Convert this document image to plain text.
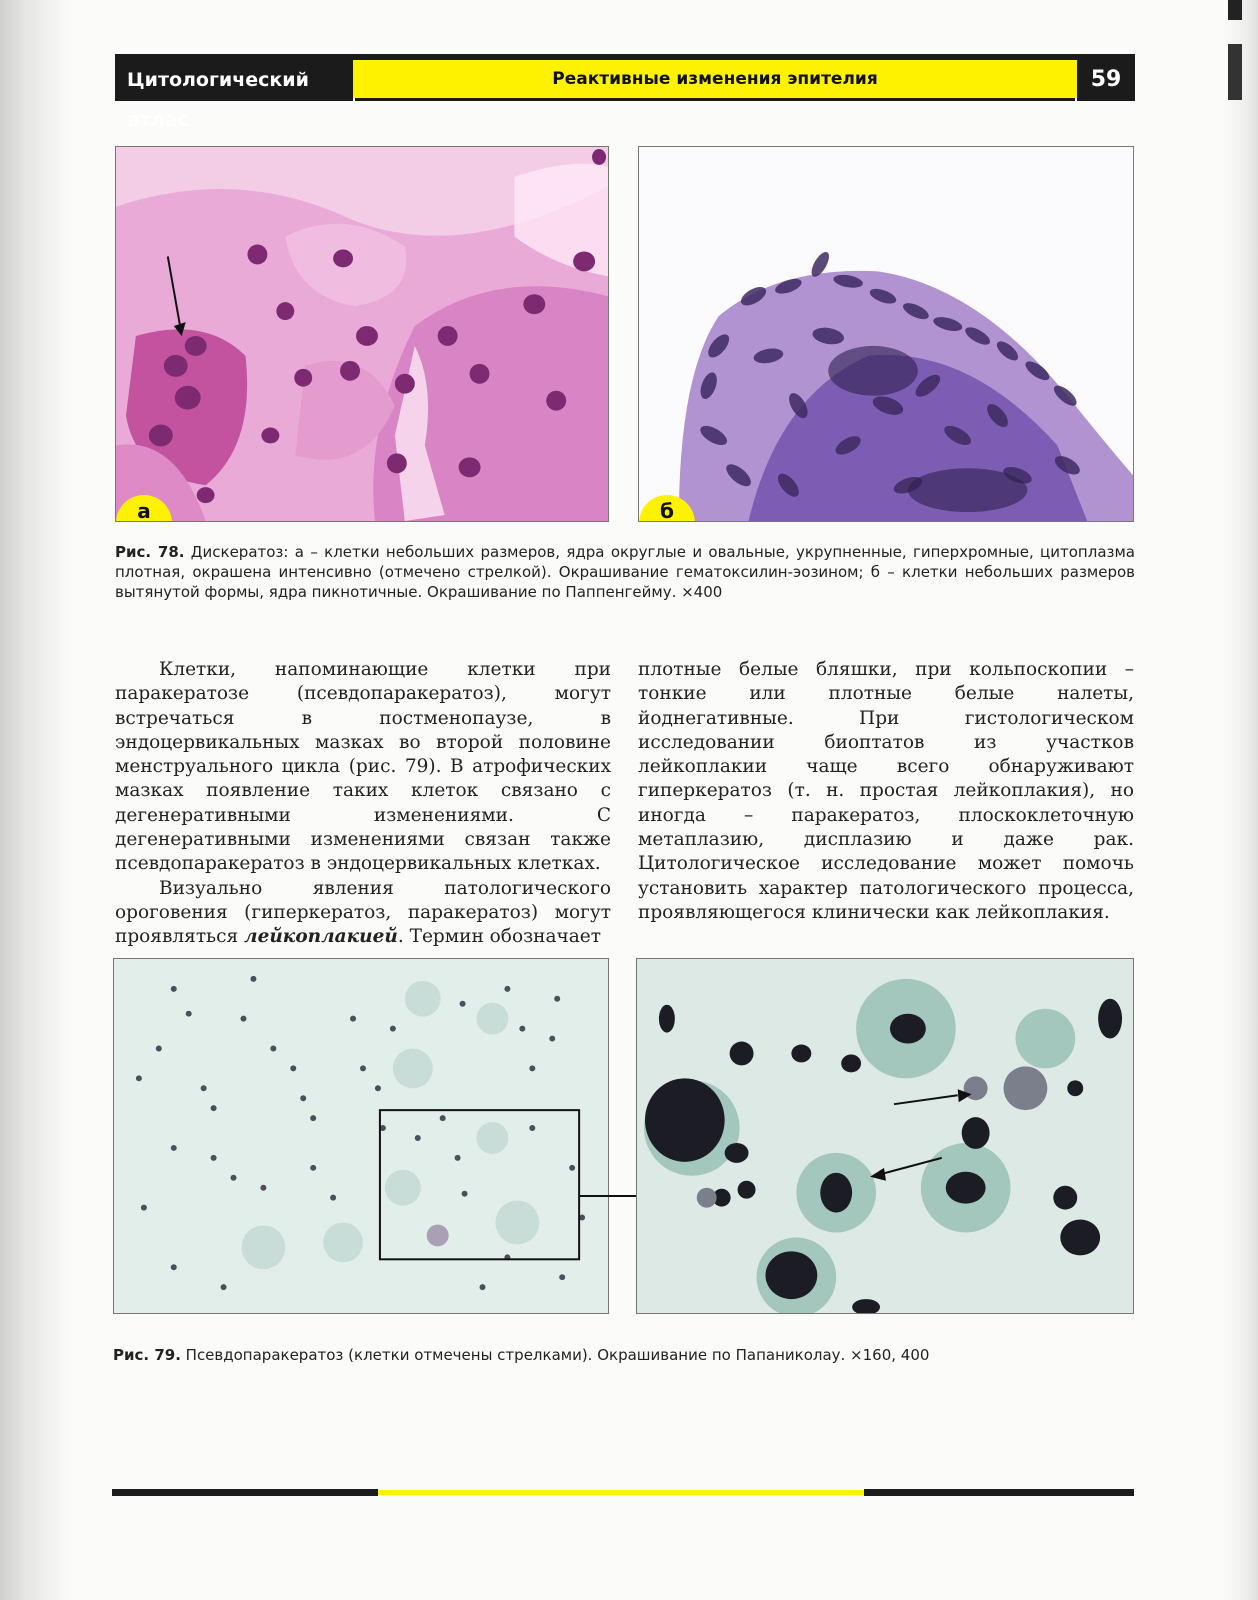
Цитологический атлас
Реактивные изменения эпителия	59
а	б
Рис. 78. Дискератоз: а – клетки небольших размеров, ядра округлые и овальные, укрупненные, гиперхромные, цитоплазма плотная, окрашена интенсивно (отмечено стрелкой). Окрашивание гематоксилин-эозином; б – клетки небольших размеров вытянутой формы, ядра пикнотичные. Окрашивание по Паппенгейму. ×400

Клетки, напоминающие клетки при паракератозе (псевдопаракератоз), могут встречаться в постменопаузе, в эндоцервикальных мазках во второй половине менструального цикла (рис. 79). В атрофических мазках появление таких клеток связано с дегенеративными изменениями. С дегенеративными изменениями связан также псевдопаракератоз в эндоцервикальных клетках.

Визуально явления патологического ороговения (гиперкератоз, паракератоз) могут проявляться лейкоплакией. Термин обозначает

плотные белые бляшки, при кольпоскопии – тонкие или плотные белые налеты, йоднегативные. При гистологическом исследовании биоптатов из участков лейкоплакии чаще всего обнаруживают гиперкератоз (т. н. простая лейкоплакия), но иногда – паракератоз, плоскоклеточную метаплазию, дисплазию и даже рак. Цитологическое исследование может помочь установить характер патологического процесса, проявляющегося клинически как лейкоплакия.

Рис. 79. Псевдопаракератоз (клетки отмечены стрелками). Окрашивание по Папаниколау. ×160, 400
